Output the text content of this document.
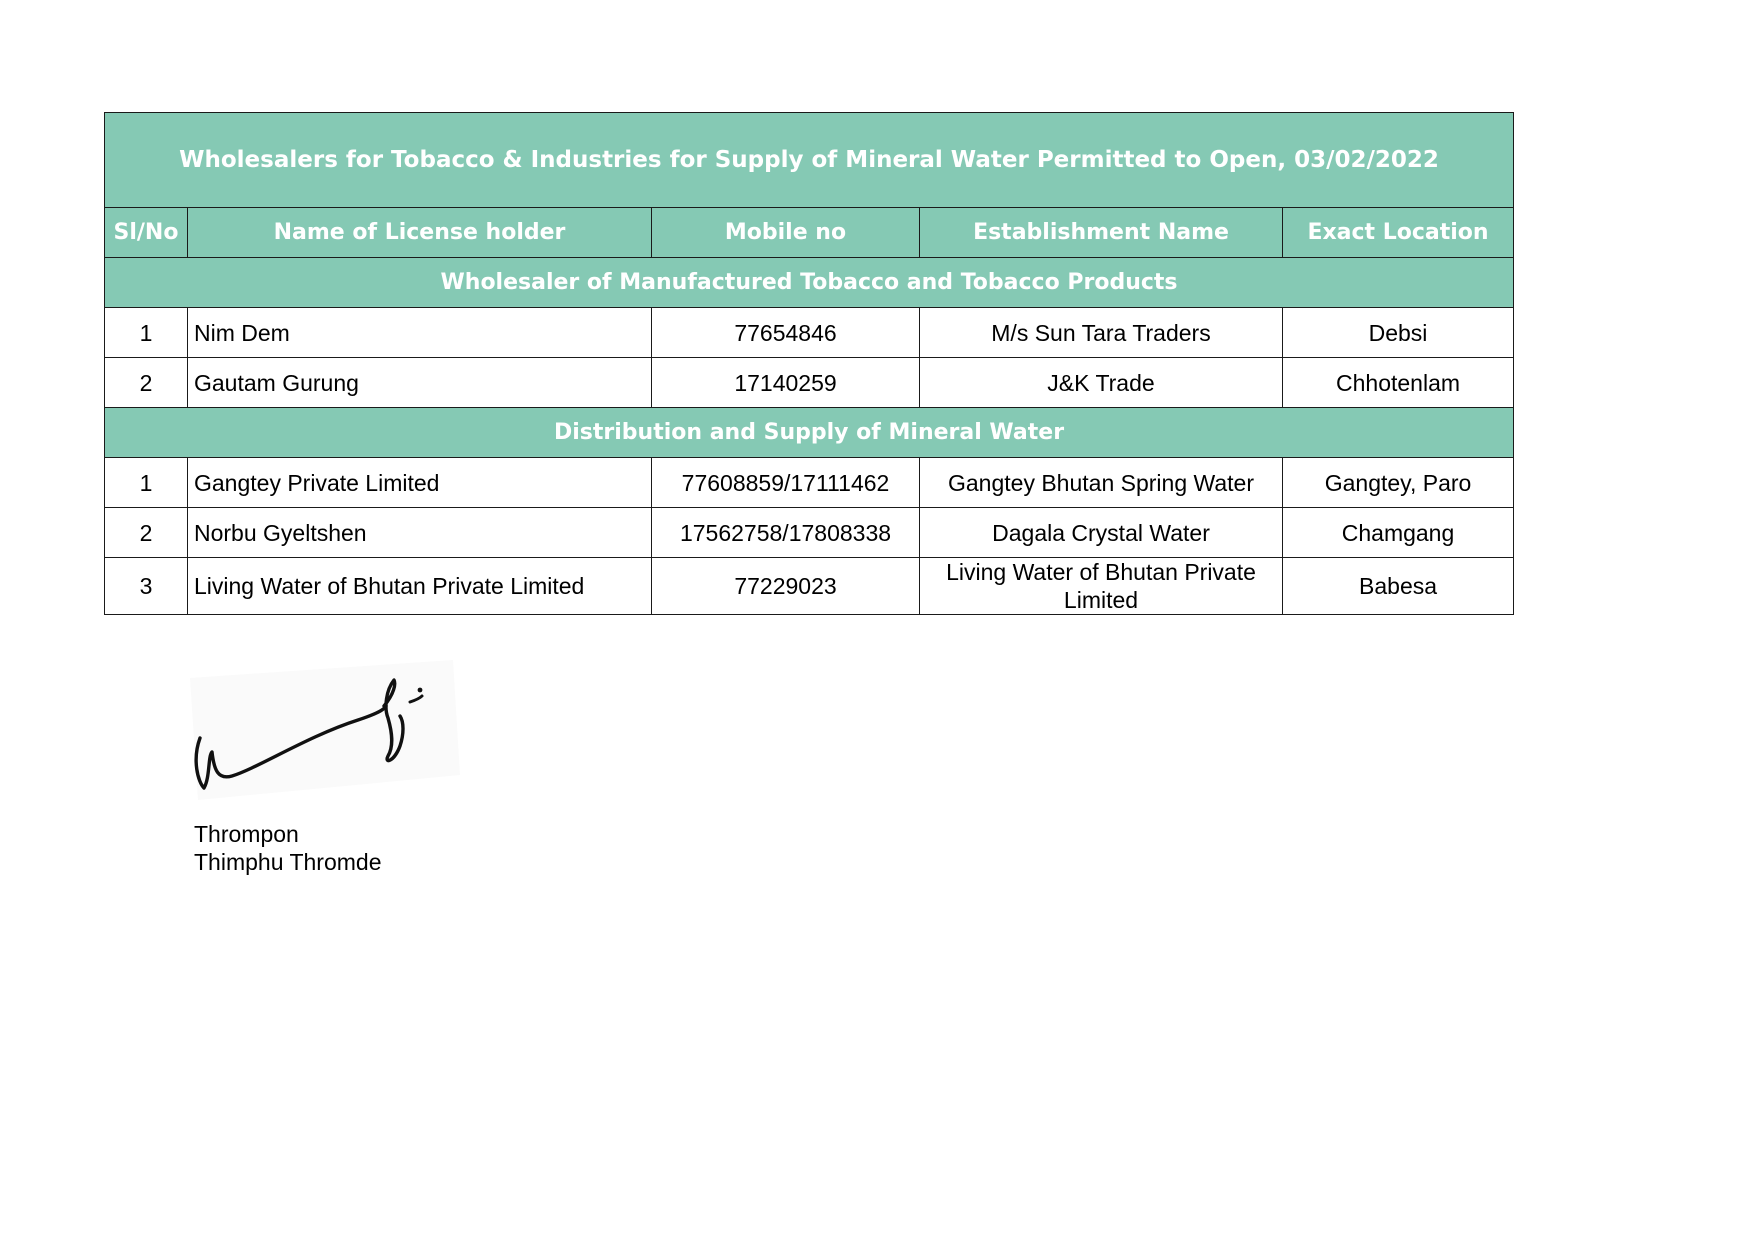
Wholesalers for Tobacco & Industries for Supply of Mineral Water Permitted to Open, 03/02/2022				
Sl/No	Name of License holder	Mobile no	Establishment Name	Exact Location
Wholesaler of Manufactured Tobacco and Tobacco Products				
1	Nim Dem	77654846	M/s Sun Tara Traders	Debsi
2	Gautam Gurung	17140259	J&K Trade	Chhotenlam
Distribution and Supply of Mineral Water				
1	Gangtey Private Limited	77608859/17111462	Gangtey Bhutan Spring Water	Gangtey, Paro
2	Norbu Gyeltshen	17562758/17808338	Dagala Crystal Water	Chamgang
3	Living Water of Bhutan Private Limited	77229023	Living Water of Bhutan Private Limited	Babesa
Thrompon
Thimphu Thromde
